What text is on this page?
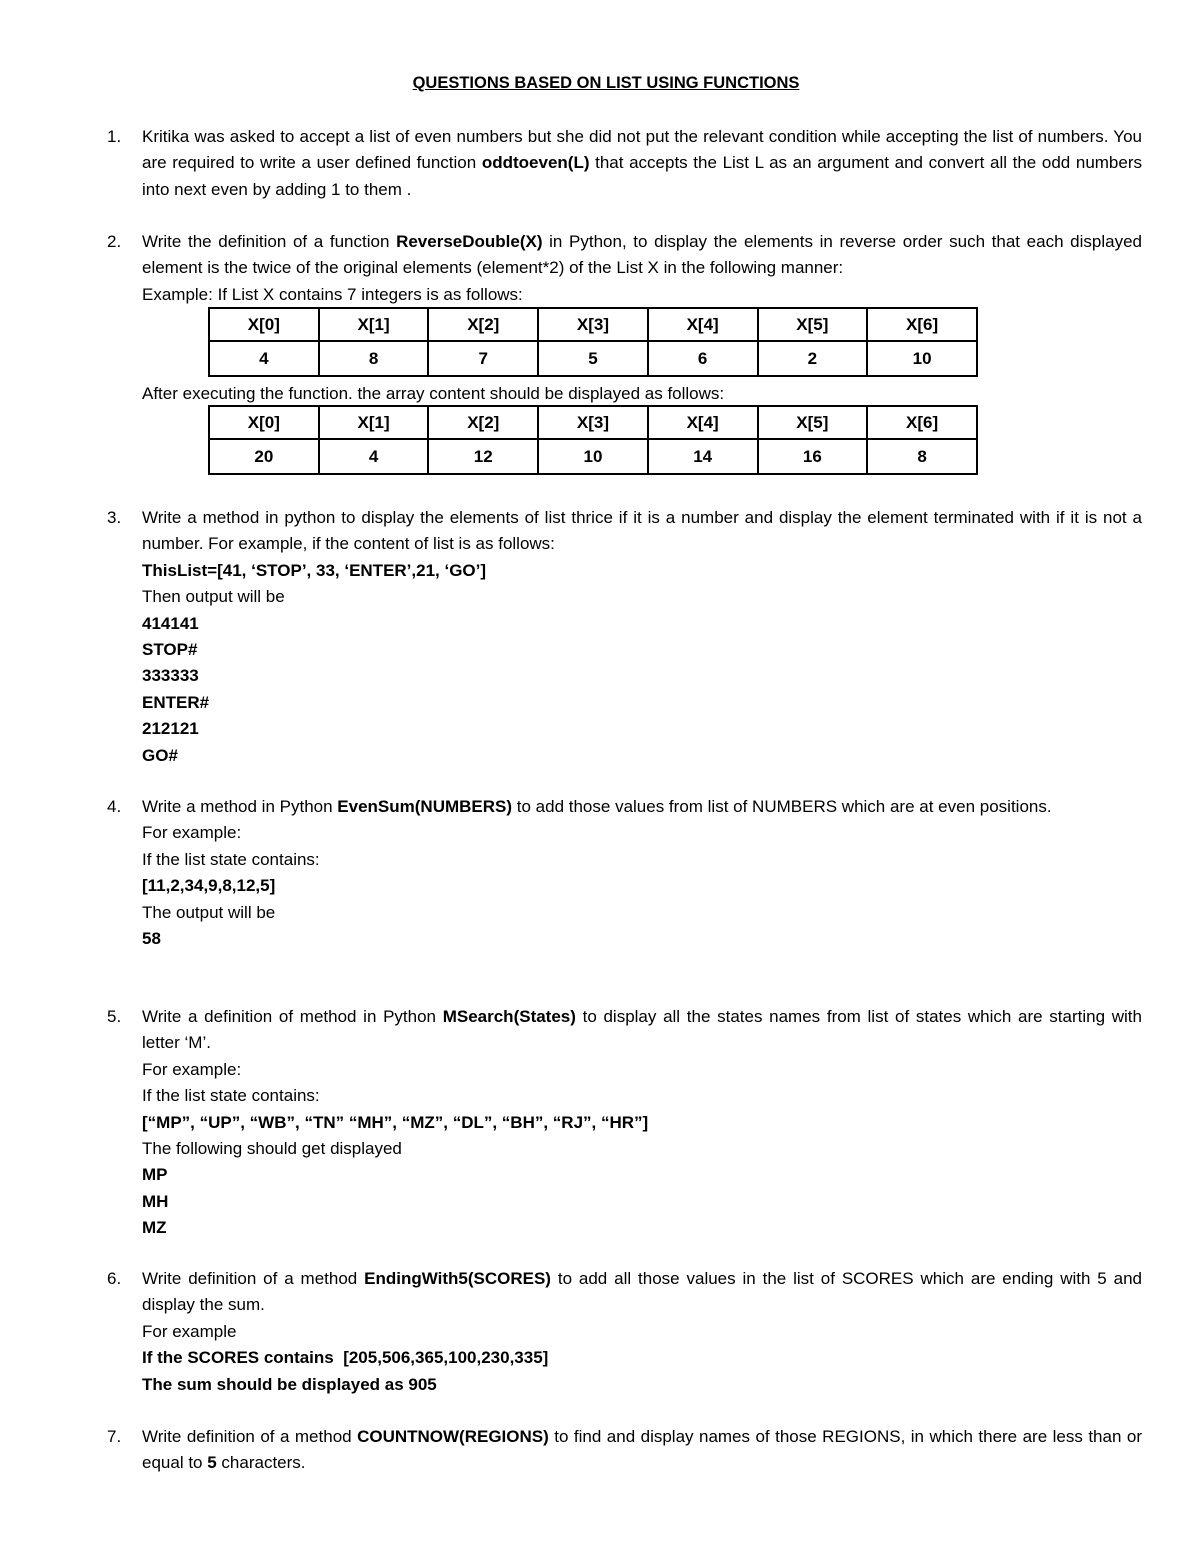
QUESTIONS BASED ON LIST USING FUNCTIONS
1.	Kritika was asked to accept a list of even numbers but she did not put the relevant condition while accepting the list of numbers. You are required to write a user defined function oddtoeven(L) that accepts the List L as an argument and convert all the odd numbers into next even by adding 1 to them .
2.	Write the definition of a function ReverseDouble(X) in Python, to display the elements in reverse order such that each displayed element is the twice of the original elements (element*2) of the List X in the following manner:
Example: If List X contains 7 integers is as follows:
X[0]	X[1]	X[2]	X[3]	X[4]	X[5]	X[6]
4	8	7	5	6	2	10
After executing the function. the array content should be displayed as follows:
X[0]	X[1]	X[2]	X[3]	X[4]	X[5]	X[6]
20	4	12	10	14	16	8
3.	Write a method in python to display the elements of list thrice if it is a number and display the element terminated with if it is not a number. For example, if the content of list is as follows:
ThisList=[41, ‘STOP’, 33, ‘ENTER’,21, ‘GO’]
Then output will be
414141
STOP#
333333
ENTER#
212121
GO#
4.	Write a method in Python EvenSum(NUMBERS) to add those values from list of NUMBERS which are at even positions.
For example:
If the list state contains:
[11,2,34,9,8,12,5]
The output will be
58
5.	Write a definition of method in Python MSearch(States) to display all the states names from list of states which are starting with letter ‘M’.
For example:
If the list state contains:
[“MP”, “UP”, “WB”, “TN” “MH”, “MZ”, “DL”, “BH”, “RJ”, “HR”]
The following should get displayed
MP
MH
MZ
6.	Write definition of a method EndingWith5(SCORES) to add all those values in the list of SCORES which are ending with 5 and display the sum.
For example
If the SCORES contains  [205,506,365,100,230,335]
The sum should be displayed as 905
7.	Write definition of a method COUNTNOW(REGIONS) to find and display names of those REGIONS, in which there are less than or equal to 5 characters.
